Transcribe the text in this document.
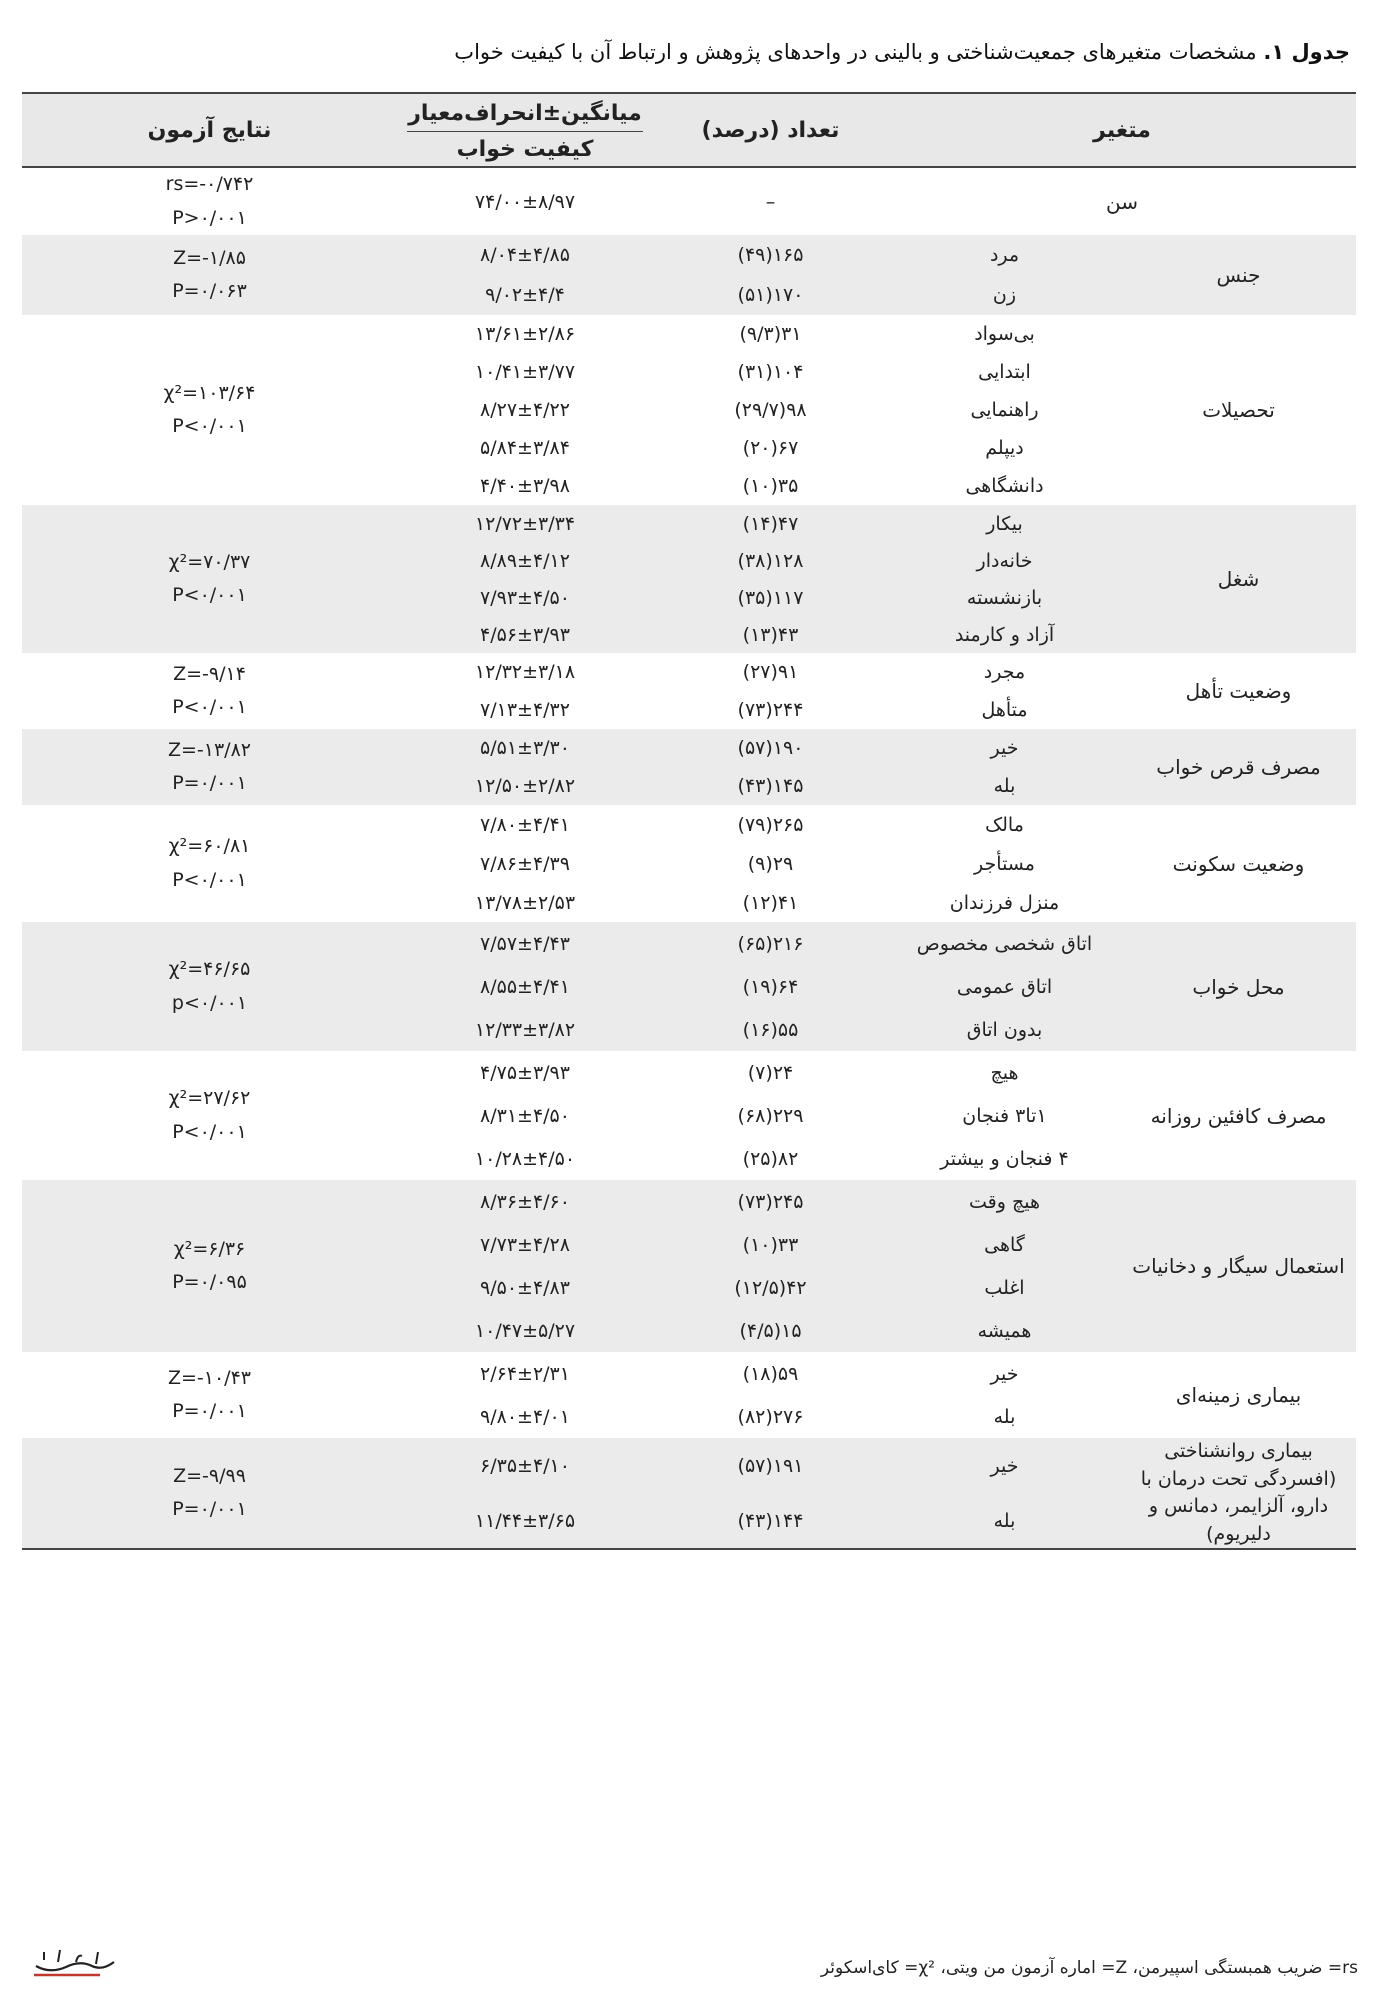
جدول ۱. مشخصات متغیرهای جمعیت‌شناختی و بالینی در واحدهای پژوهش و ارتباط آن با کیفیت خواب
متغیر		تعداد (درصد)	میانگین±انحراف‌معیار	نتایج آزمون
			کیفیت خواب	
سن		–	۷۴/۰۰±۸/۹۷	rs=-۰/۷۴۲
P>۰/۰۰۱

جنس	مرد	۱۶۵(۴۹)	۸/۰۴±۴/۸۵	Z=-۱/۸۵
P=۰/۰۶۳

	زن	۱۷۰(۵۱)	۹/۰۲±۴/۴	
تحصیلات	بی‌سواد	۳۱(۹/۳)	۱۳/۶۱±۲/۸۶	χ²=۱۰۳/۶۴
P<۰/۰۰۱

	ابتدایی	۱۰۴(۳۱)	۱۰/۴۱±۳/۷۷	
	راهنمایی	۹۸(۲۹/۷)	۸/۲۷±۴/۲۲	
	دیپلم	۶۷(۲۰)	۵/۸۴±۳/۸۴	
	دانشگاهی	۳۵(۱۰)	۴/۴۰±۳/۹۸	
شغل	بیکار	۴۷(۱۴)	۱۲/۷۲±۳/۳۴	χ²=۷۰/۳۷
P<۰/۰۰۱

	خانه‌دار	۱۲۸(۳۸)	۸/۸۹±۴/۱۲	
	بازنشسته	۱۱۷(۳۵)	۷/۹۳±۴/۵۰	
	آزاد و کارمند	۴۳(۱۳)	۴/۵۶±۳/۹۳	
وضعیت تأهل	مجرد	۹۱(۲۷)	۱۲/۳۲±۳/۱۸	Z=-۹/۱۴
P<۰/۰۰۱

	متأهل	۲۴۴(۷۳)	۷/۱۳±۴/۳۲	
مصرف قرص خواب	خیر	۱۹۰(۵۷)	۵/۵۱±۳/۳۰	Z=-۱۳/۸۲
P=۰/۰۰۱

	بله	۱۴۵(۴۳)	۱۲/۵۰±۲/۸۲	
وضعیت سکونت	مالک	۲۶۵(۷۹)	۷/۸۰±۴/۴۱	χ²=۶۰/۸۱
P<۰/۰۰۱

	مستأجر	۲۹(۹)	۷/۸۶±۴/۳۹	
	منزل فرزندان	۴۱(۱۲)	۱۳/۷۸±۲/۵۳	
محل خواب	اتاق شخصی مخصوص	۲۱۶(۶۵)	۷/۵۷±۴/۴۳	χ²=۴۶/۶۵
p<۰/۰۰۱

	اتاق عمومی	۶۴(۱۹)	۸/۵۵±۴/۴۱	
	بدون اتاق	۵۵(۱۶)	۱۲/۳۳±۳/۸۲	
مصرف کافئین روزانه	هیچ	۲۴(۷)	۴/۷۵±۳/۹۳	χ²=۲۷/۶۲
P<۰/۰۰۱

	۱تا۳ فنجان	۲۲۹(۶۸)	۸/۳۱±۴/۵۰	
	۴ فنجان و بیشتر	۸۲(۲۵)	۱۰/۲۸±۴/۵۰	
استعمال سیگار و دخانیات	هیچ وقت	۲۴۵(۷۳)	۸/۳۶±۴/۶۰	χ²=۶/۳۶
P=۰/۰۹۵

	گاهی	۳۳(۱۰)	۷/۷۳±۴/۲۸	
	اغلب	۴۲(۱۲/۵)	۹/۵۰±۴/۸۳	
	همیشه	۱۵(۴/۵)	۱۰/۴۷±۵/۲۷	
بیماری زمینه‌ای	خیر	۵۹(۱۸)	۲/۶۴±۲/۳۱	Z=-۱۰/۴۳
P=۰/۰۰۱

	بله	۲۷۶(۸۲)	۹/۸۰±۴/۰۱	
بیماری روانشناختی (افسردگی تحت درمان با دارو، آلزایمر، دمانس و دلیریوم)	خیر	۱۹۱(۵۷)	۶/۳۵±۴/۱۰	Z=-۹/۹۹
P=۰/۰۰۱

	بله	۱۴۴(۴۳)	۱۱/۴۴±۳/۶۵	
rs= ضریب همبستگی اسپیرمن، Z= اماره آزمون من ویتی، χ²= کای‌اسکوئر
